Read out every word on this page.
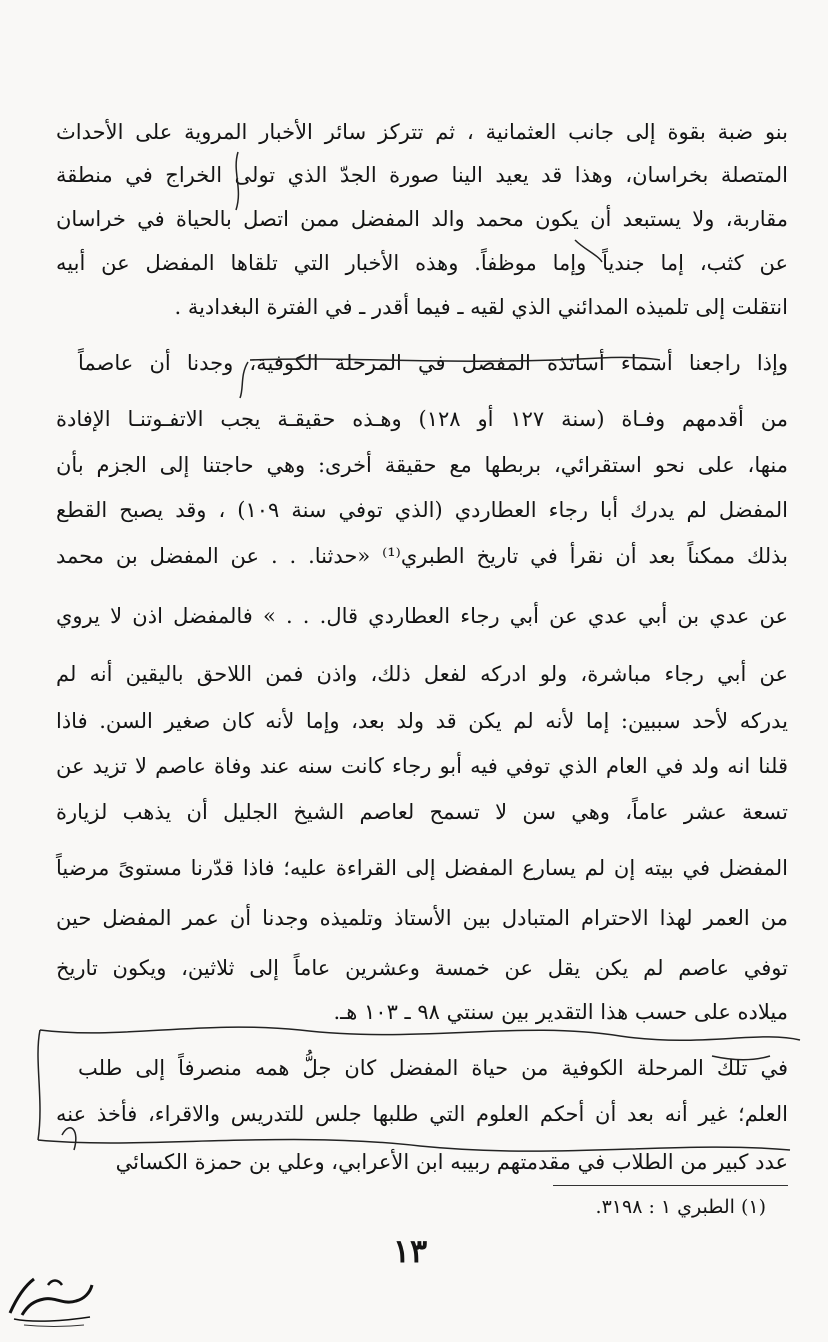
بنو ضبة بقوة إلى جانب العثمانية ، ثم تتركز سائر الأخبار المروية على الأحداث
المتصلة بخراسان، وهذا قد يعيد الينا صورة الجدّ الذي تولى الخراج في منطقة
مقاربة، ولا يستبعد أن يكون محمد والد المفضل ممن اتصل بالحياة في خراسان
عن كثب، إما جندياً وإما موظفاً. وهذه الأخبار التي تلقاها المفضل عن أبيه
انتقلت إلى تلميذه المدائني الذي لقيه ـ فيما أقدر ـ في الفترة البغدادية .
وإذا راجعنا أسماء أساتذة المفضل في المرحلة الكوفية، وجدنا أن عاصماً
من أقدمهم وفـاة (سنة ١٢٧ أو ١٢٨) وهـذه حقيقـة يجب الاتفـوتنـا الإفادة
منها، على نحو استقرائي، بربطها مع حقيقة أخرى: وهي حاجتنا إلى الجزم بأن
المفضل لم يدرك أبا رجاء العطاردي (الذي توفي سنة ١٠٩) ، وقد يصبح القطع
بذلك ممكناً بعد أن نقرأ في تاريخ الطبري⁽¹⁾ «حدثنا. . . عن المفضل بن محمد
عن عدي بن أبي عدي عن أبي رجاء العطاردي قال. . . » فالمفضل اذن لا يروي
عن أبي رجاء مباشرة، ولو ادركه لفعل ذلك، واذن فمن اللاحق باليقين أنه لم
يدركه لأحد سببين: إما لأنه لم يكن قد ولد بعد، وإما لأنه كان صغير السن. فاذا
قلنا انه ولد في العام الذي توفي فيه أبو رجاء كانت سنه عند وفاة عاصم لا تزيد عن
تسعة عشر عاماً، وهي سن لا تسمح لعاصم الشيخ الجليل أن يذهب لزيارة
المفضل في بيته إن لم يسارع المفضل إلى القراءة عليه؛ فاذا قدّرنا مستوىً مرضياً
من العمر لهذا الاحترام المتبادل بين الأستاذ وتلميذه وجدنا أن عمر المفضل حين
توفي عاصم لم يكن يقل عن خمسة وعشرين عاماً إلى ثلاثين، ويكون تاريخ
ميلاده على حسب هذا التقدير بين سنتي ٩٨ ـ ١٠٣ هـ.
في تلك المرحلة الكوفية من حياة المفضل كان جلُّ همه منصرفاً إلى طلب
العلم؛ غير أنه بعد أن أحكم العلوم التي طلبها جلس للتدريس والاقراء، فأخذ عنه
عدد كبير من الطلاب في مقدمتهم ربيبه ابن الأعرابي، وعلي بن حمزة الكسائي
(١) الطبري ١ : ٣١٩٨.
١٣
